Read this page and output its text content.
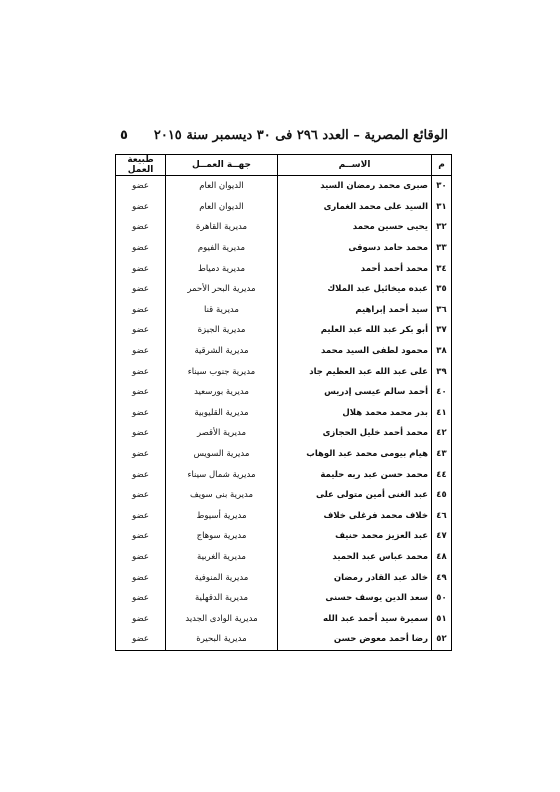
الوقائع المصرية – العدد ٢٩٦ فى ٣٠ ديسمبر سنة ٢٠١٥
٥
م	الاســم	جهــة العمــل	طبيعة العمل
٣٠	صبرى محمد رمضان السيد	الديوان العام	عضو
٣١	السيد على محمد الغمارى	الديوان العام	عضو
٣٢	يحيى حسين محمد	مديرية القاهرة	عضو
٣٣	محمد حامد دسوقى	مديرية الفيوم	عضو
٣٤	محمد أحمد أحمد	مديرية دمياط	عضو
٣٥	عبده ميخائيل عبد الملاك	مديرية البحر الأحمر	عضو
٣٦	سيد أحمد إبراهيم	مديرية قنا	عضو
٣٧	أبو بكر عبد الله عبد العليم	مديرية الجيزة	عضو
٣٨	محمود لطفى السيد محمد	مديرية الشرقية	عضو
٣٩	على عبد الله عبد العظيم جاد	مديرية جنوب سيناء	عضو
٤٠	أحمد سالم عيسى إدريس	مديرية بورسعيد	عضو
٤١	بدر محمد محمد هلال	مديرية القليوبية	عضو
٤٢	محمد أحمد خليل الحجازى	مديرية الأقصر	عضو
٤٣	هيام بيومى محمد عبد الوهاب	مديرية السويس	عضو
٤٤	محمد حسن عبد ربه حليمة	مديرية شمال سيناء	عضو
٤٥	عبد الغنى أمين متولى على	مديرية بنى سويف	عضو
٤٦	خلاف محمد فرغلى خلاف	مديرية أسيوط	عضو
٤٧	عبد العزيز محمد حنيف	مديرية سوهاج	عضو
٤٨	محمد عباس عبد الحميد	مديرية الغربية	عضو
٤٩	خالد عبد القادر رمضان	مديرية المنوفية	عضو
٥٠	سعد الدين يوسف حسنى	مديرية الدقهلية	عضو
٥١	سميرة سيد أحمد عبد الله	مديرية الوادى الجديد	عضو
٥٢	رضا أحمد معوض حسن	مديرية البحيرة	عضو
